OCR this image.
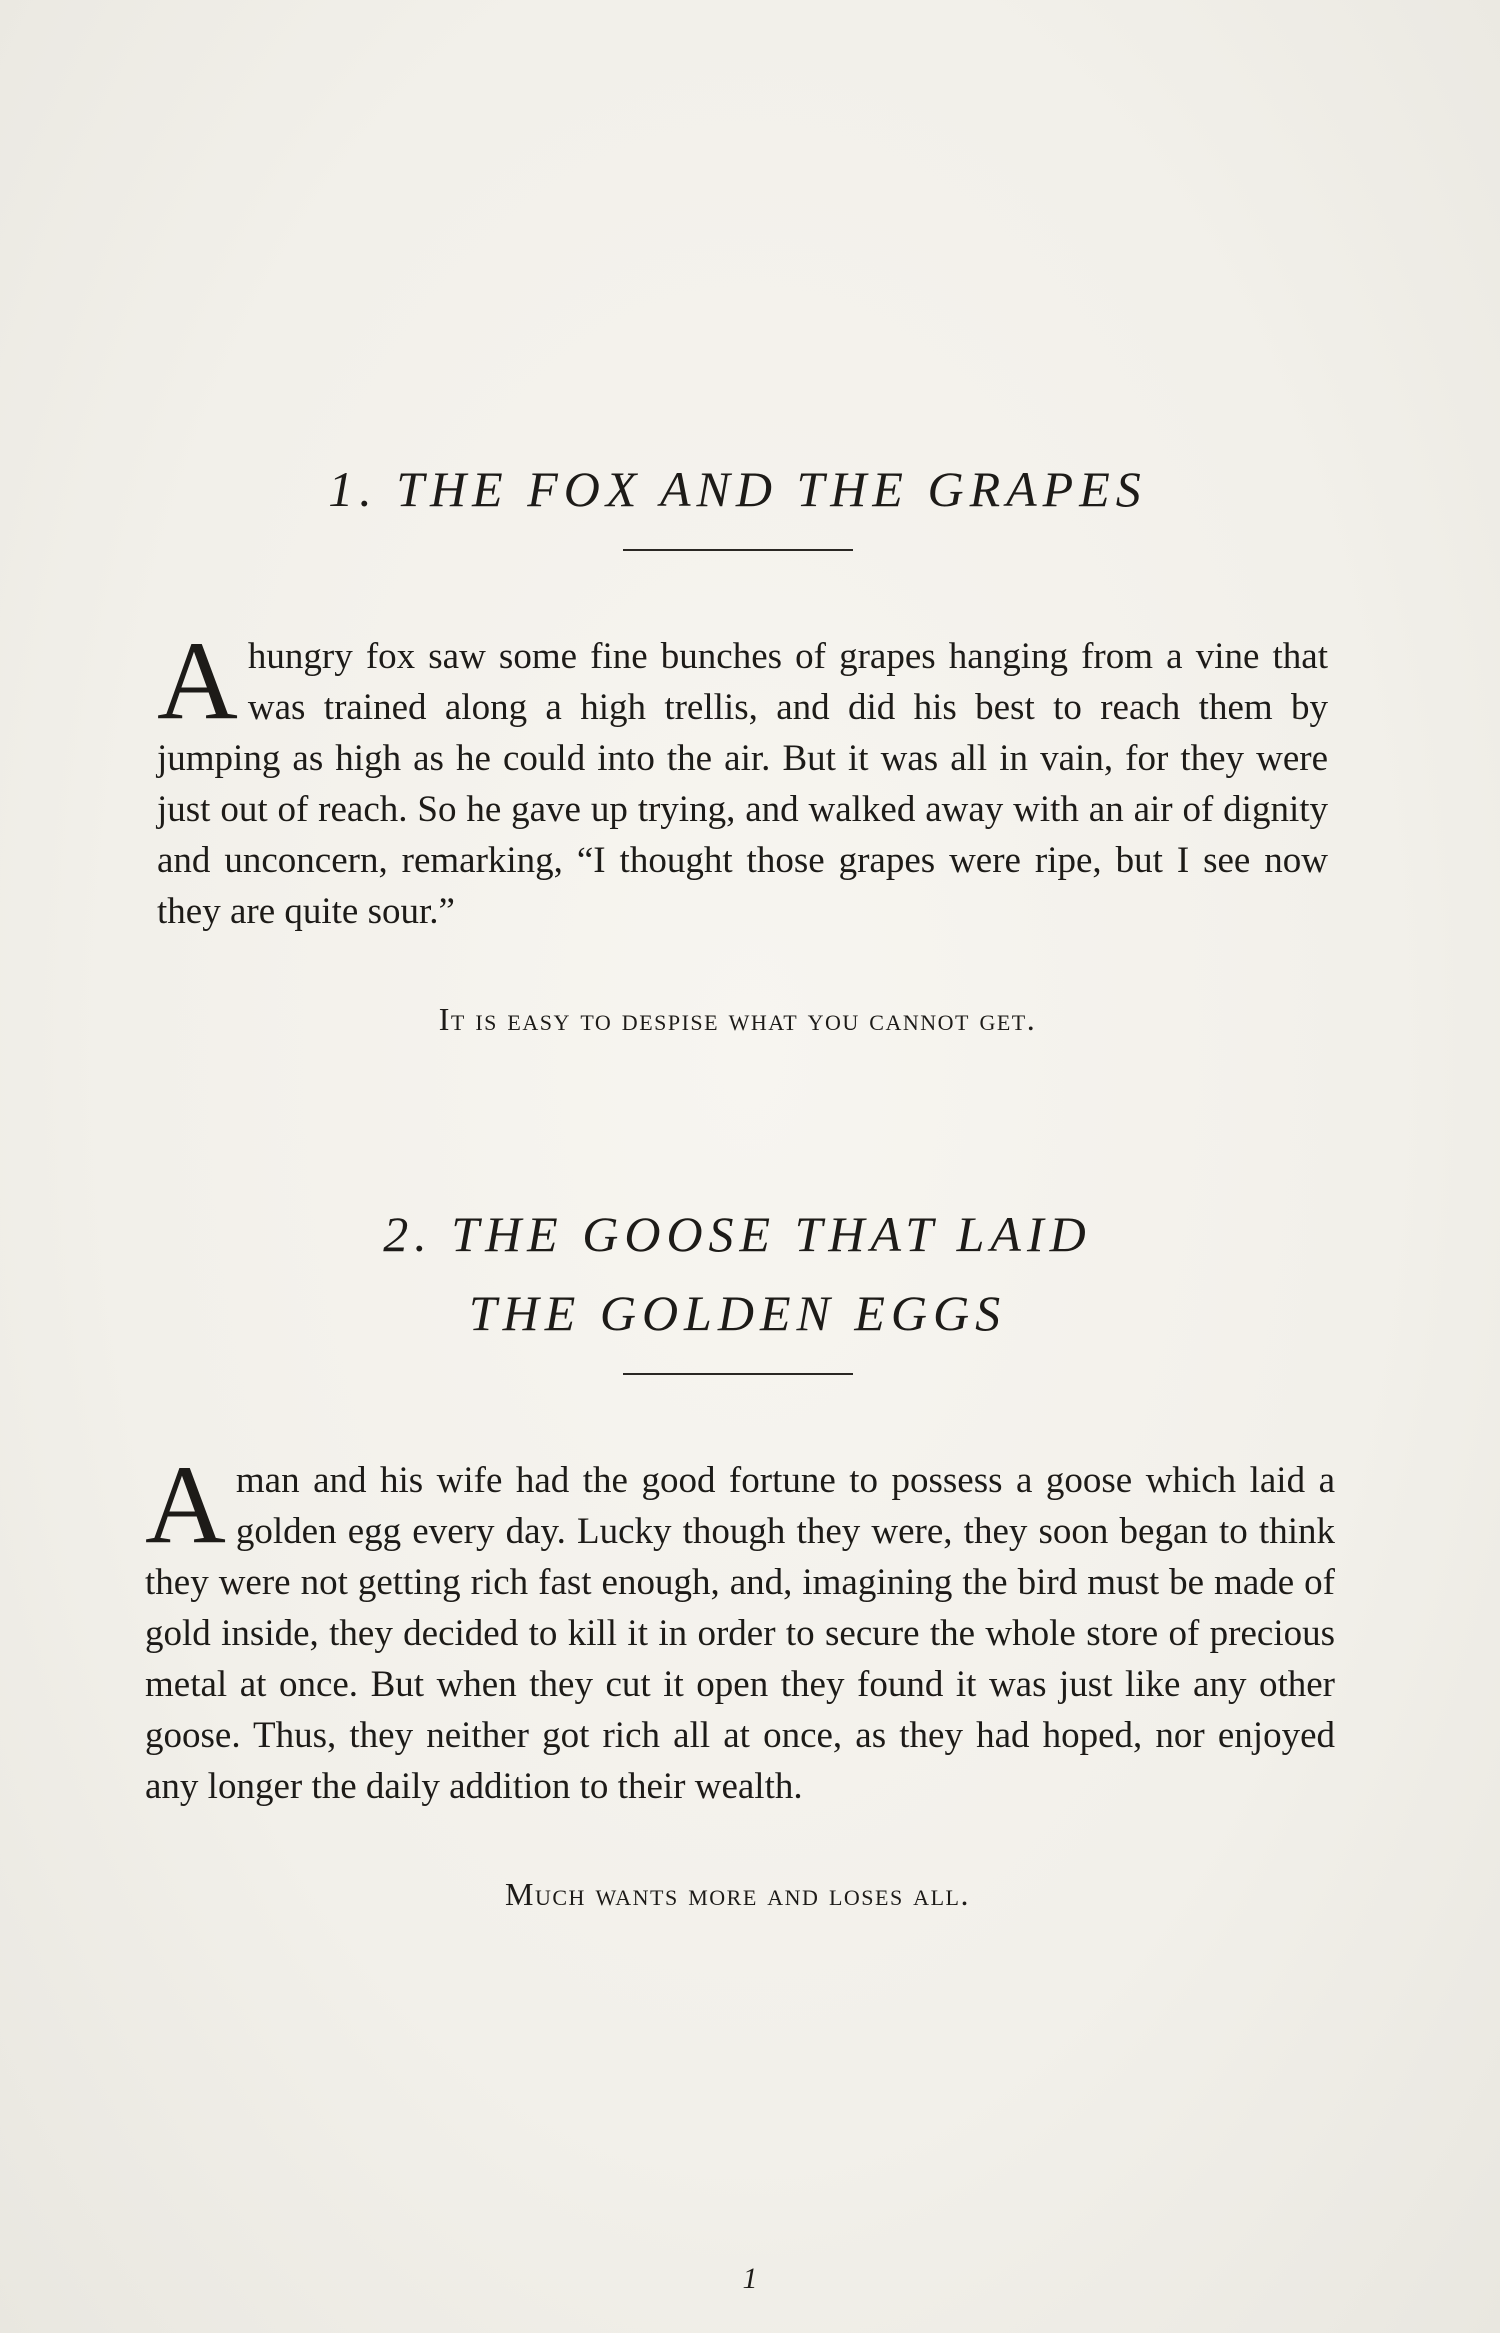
1. THE FOX AND THE GRAPES

Ahungry fox saw some fine bunches of grapes hanging from a vine that was trained along a high trellis, and did his best to reach them by jumping as high as he could into the air. But it was all in vain, for they were just out of reach. So he gave up trying, and walked away with an air of dignity and unconcern, remarking, “I thought those grapes were ripe, but I see now they are quite sour.”

It is easy to despise what you cannot get.
2. THE GOOSE THAT LAID
THE GOLDEN EGGS

Aman and his wife had the good fortune to possess a goose which laid a golden egg every day. Lucky though they were, they soon began to think they were not getting rich fast enough, and, imagining the bird must be made of gold inside, they decided to kill it in order to secure the whole store of precious metal at once. But when they cut it open they found it was just like any other goose. Thus, they neither got rich all at once, as they had hoped, nor enjoyed any longer the daily addition to their wealth.

Much wants more and loses all.
1
